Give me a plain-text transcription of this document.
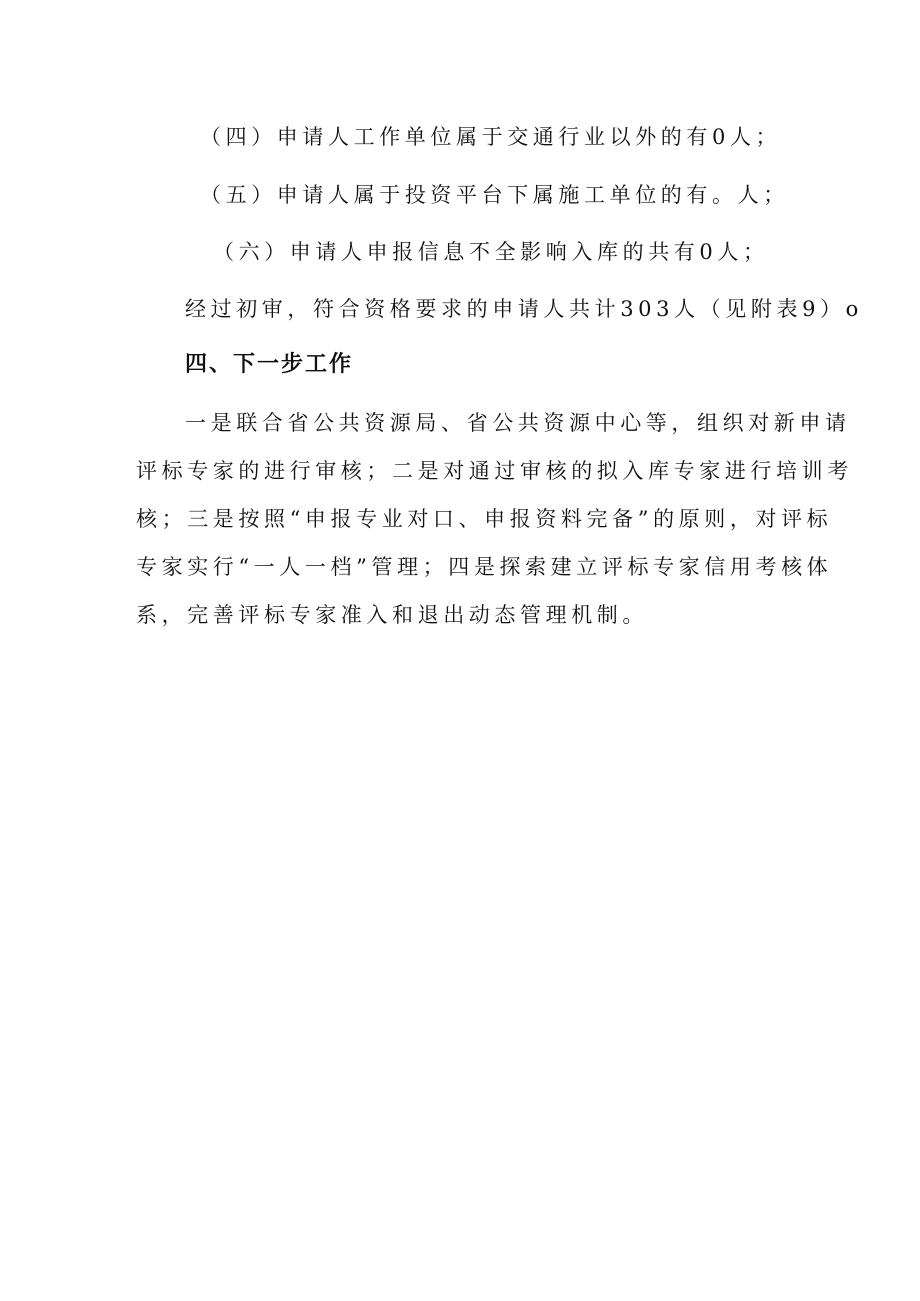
（四）申请人工作单位属于交通行业以外的有0人；
（五）申请人属于投资平台下属施工单位的有。人；
（六）申请人申报信息不全影响入库的共有0人；
经过初审，符合资格要求的申请人共计303人（见附表9）o
四、下一步工作
一是联合省公共资源局、省公共资源中心等，组织对新申请
评标专家的进行审核；二是对通过审核的拟入库专家进行培训考
核；三是按照“申报专业对口、申报资料完备”的原则，对评标
专家实行“一人一档”管理；四是探索建立评标专家信用考核体
系，完善评标专家准入和退出动态管理机制。
